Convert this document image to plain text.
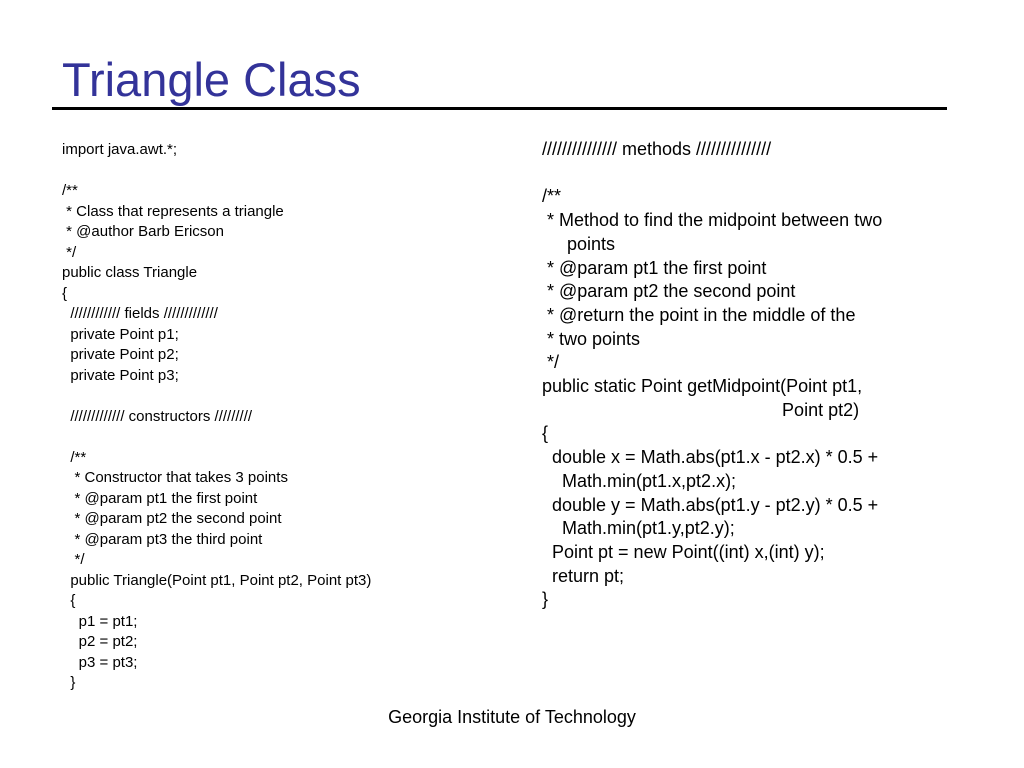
Triangle Class
import java.awt.*;
/**
* Class that represents a triangle
* @author Barb Ericson
*/
public class Triangle
{
//////////// fields /////////////
private Point p1;
private Point p2;
private Point p3;
///////////// constructors /////////
/**
* Constructor that takes 3 points
* @param pt1 the first point
* @param pt2 the second point
* @param pt3 the third point
*/
public Triangle(Point pt1, Point pt2, Point pt3)
{
p1 = pt1;
p2 = pt2;
p3 = pt3;
}
/////////////// methods ///////////////
/**
* Method to find the midpoint between two
points
* @param pt1 the first point
* @param pt2 the second point
* @return the point in the middle of the
* two points
*/
public static Point getMidpoint(Point pt1,
Point pt2)
{
double x = Math.abs(pt1.x - pt2.x) * 0.5 +
Math.min(pt1.x,pt2.x);
double y = Math.abs(pt1.y - pt2.y) * 0.5 +
Math.min(pt1.y,pt2.y);
Point pt = new Point((int) x,(int) y);
return pt;
}
Georgia Institute of Technology
